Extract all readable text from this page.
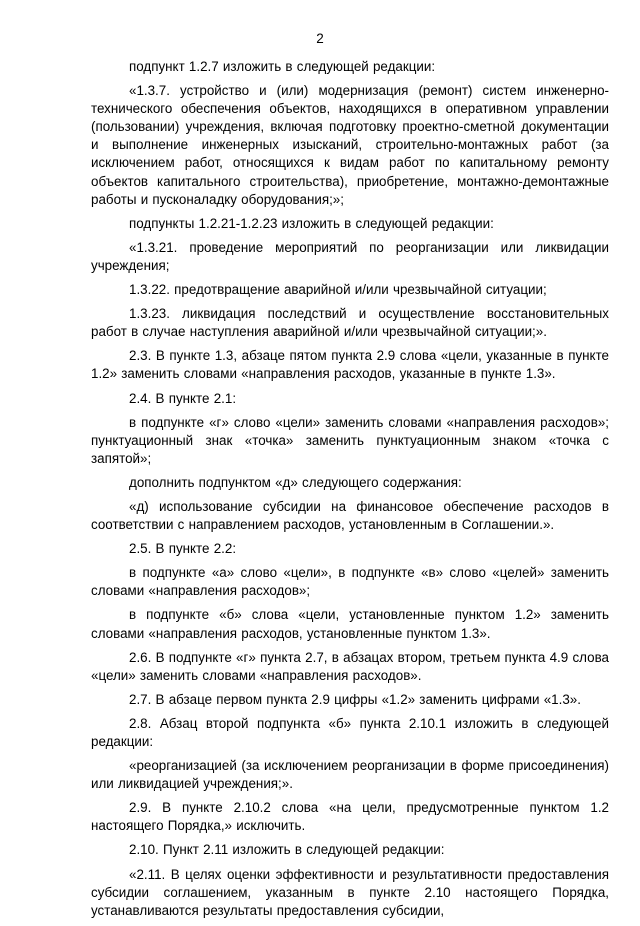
2

подпункт 1.2.7 изложить в следующей редакции:

«1.3.7. устройство и (или) модернизация (ремонт) систем инженерно-технического обеспечения объектов, находящихся в оперативном управлении (пользовании) учреждения, включая подготовку проектно-сметной документации и выполнение инженерных изысканий, строительно-монтажных работ (за исключением работ, относящихся к видам работ по капитальному ремонту объектов капитального строительства), приобретение, монтажно-демонтажные работы и пусконаладку оборудования;»;

подпункты 1.2.21-1.2.23 изложить в следующей редакции:

«1.3.21. проведение мероприятий по реорганизации или ликвидации учреждения;

1.3.22. предотвращение аварийной и/или чрезвычайной ситуации;

1.3.23. ликвидация последствий и осуществление восстановительных работ в случае наступления аварийной и/или чрезвычайной ситуации;».

2.3. В пункте 1.3, абзаце пятом пункта 2.9 слова «цели, указанные в пункте 1.2» заменить словами «направления расходов, указанные в пункте 1.3».

2.4. В пункте 2.1:

в подпункте «г» слово «цели» заменить словами «направления расходов»; пунктуационный знак «точка» заменить пунктуационным знаком «точка с запятой»;

дополнить подпунктом «д» следующего содержания:

«д) использование субсидии на финансовое обеспечение расходов в соответствии с направлением расходов, установленным в Соглашении.».

2.5. В пункте 2.2:

в подпункте «а» слово «цели», в подпункте «в» слово «целей» заменить словами «направления расходов»;

в подпункте «б» слова «цели, установленные пунктом 1.2» заменить словами «направления расходов, установленные пунктом 1.3».

2.6. В подпункте «г» пункта 2.7, в абзацах втором, третьем пункта 4.9 слова «цели» заменить словами «направления расходов».

2.7. В абзаце первом пункта 2.9 цифры «1.2» заменить цифрами «1.3».

2.8. Абзац второй подпункта «б» пункта 2.10.1 изложить в следующей редакции:

«реорганизацией (за исключением реорганизации в форме присоединения) или ликвидацией учреждения;».

2.9. В пункте 2.10.2 слова «на цели, предусмотренные пунктом 1.2 настоящего Порядка,» исключить.

2.10. Пункт 2.11 изложить в следующей редакции:

«2.11. В целях оценки эффективности и результативности предоставления субсидии соглашением, указанным в пункте 2.10 настоящего Порядка, устанавливаются результаты предоставления субсидии,
